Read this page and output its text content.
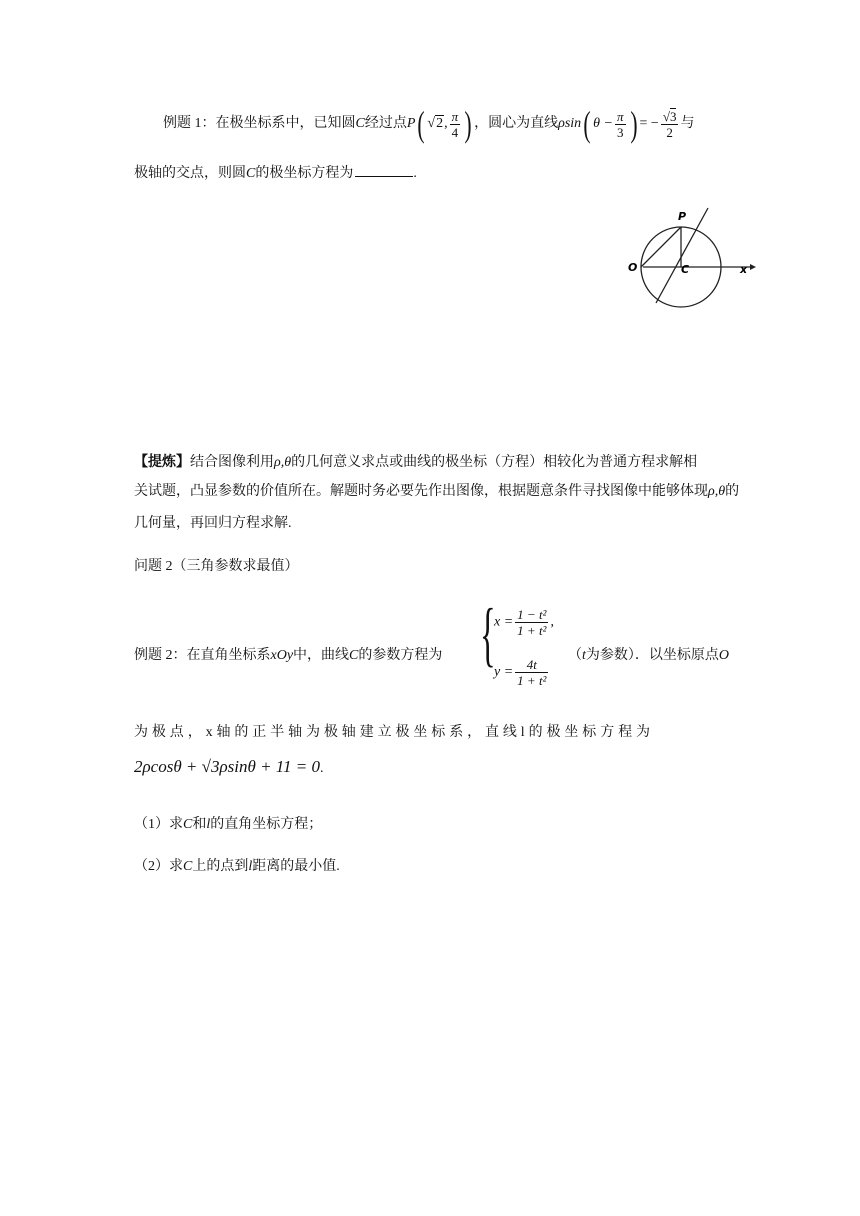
例题 1：在极坐标系中，已知圆C经过点P( √2, $\frac{\pi}{4}$ ) ，圆心为直线ρsin( $\theta - \frac{\pi}{3}$ ) = − $\frac{√3}{2}$ 与
极轴的交点，则圆C的极坐标方程为	.
P
O	C	x
【提炼】结合图像利用ρ,θ的几何意义求点或曲线的极坐标（方程）相较化为普通方程求解相
关试题，凸显参数的价值所在。解题时务必要先作出图像，根据题意条件寻找图像中能够体现ρ,θ的
几何量，再回归方程求解.
问题 2（三角参数求最值）
例题 2：在直角坐标系xOy中，曲线C的参数方程为 {
$x = \frac{\text{1 − t²}}{\text{1 + t²}}$ ,
$y = \frac{4t}{\text{1 + t²}}$
（t为参数）．以坐标原点O
为 极 点 ， x 轴 的 正 半 轴 为 极 轴 建 立 极 坐 标 系 ， 直 线 l 的 极 坐 标 方 程 为
2ρcosθ + √3ρsinθ + 11 = 0.
（1）求C和l的直角坐标方程；
（2）求C上的点到l距离的最小值.
